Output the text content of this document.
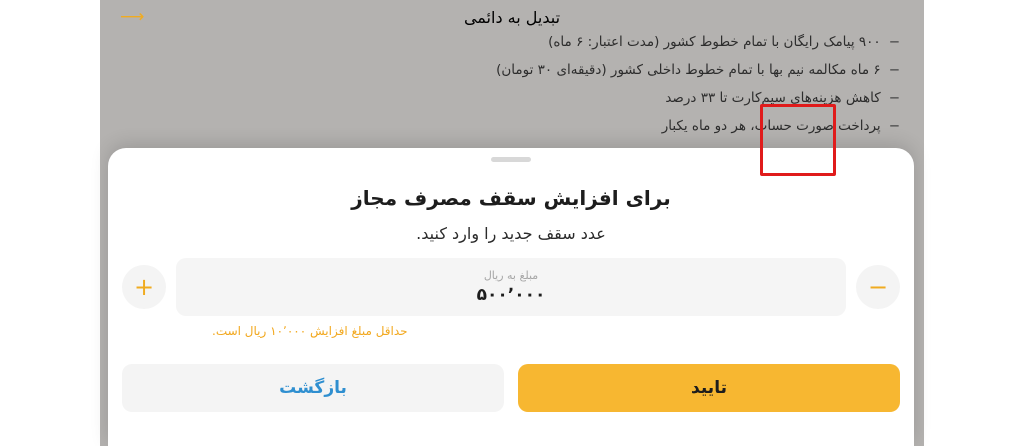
تبدیل به دائمی
⟶
−۹۰۰ پیامک رایگان با تمام خطوط کشور (مدت اعتبار: ۶ ماه)
−۶ ماه مکالمه نیم بها با تمام خطوط داخلی کشور (دقیقه‌ای ۳۰ تومان)
−کاهش هزینه‌های سیم‌کارت تا ۳۳ درصد
−پرداخت صورت حساب، هر دو ماه یکبار
برای افزایش سقف مصرف مجاز
عدد سقف جدید را وارد کنید.
−
مبلغ به ریال
۵۰۰٬۰۰۰
+
حداقل مبلغ افزایش ۱۰٬۰۰۰ ریال است.
تایید
بازگشت
